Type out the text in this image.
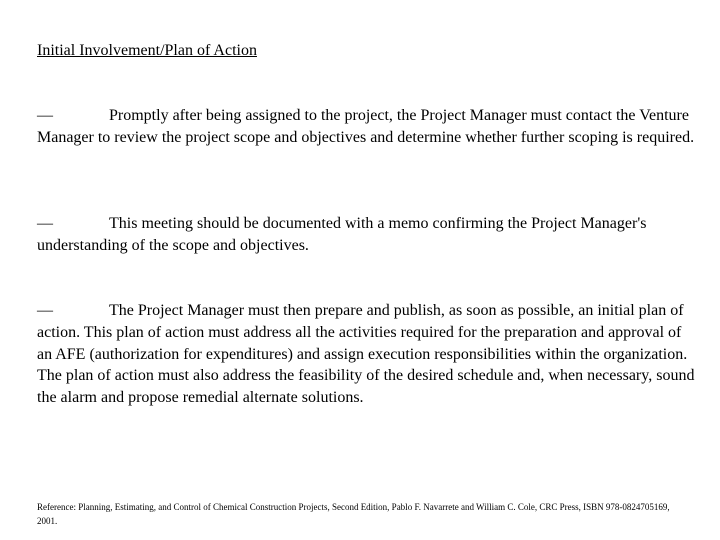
Initial Involvement/Plan of Action

—	Promptly after being assigned to the project, the Project Manager must contact the Venture Manager to review the project scope and objectives and determine whether further scoping is required.

—	This meeting should be documented with a memo confirming the Project Manager's understanding of the scope and objectives.

—	The Project Manager must then prepare and publish, as soon as possible, an initial plan of action. This plan of action must address all the activities required for the preparation and approval of an AFE (authorization for expenditures) and assign execution responsibilities within the organization. The plan of action must also address the feasibility of the desired schedule and, when necessary, sound the alarm and propose remedial alternate solutions.

Reference: Planning, Estimating, and Control of Chemical Construction Projects, Second Edition, Pablo F. Navarrete and William C. Cole, CRC Press, ISBN 978-0824705169, 2001.
